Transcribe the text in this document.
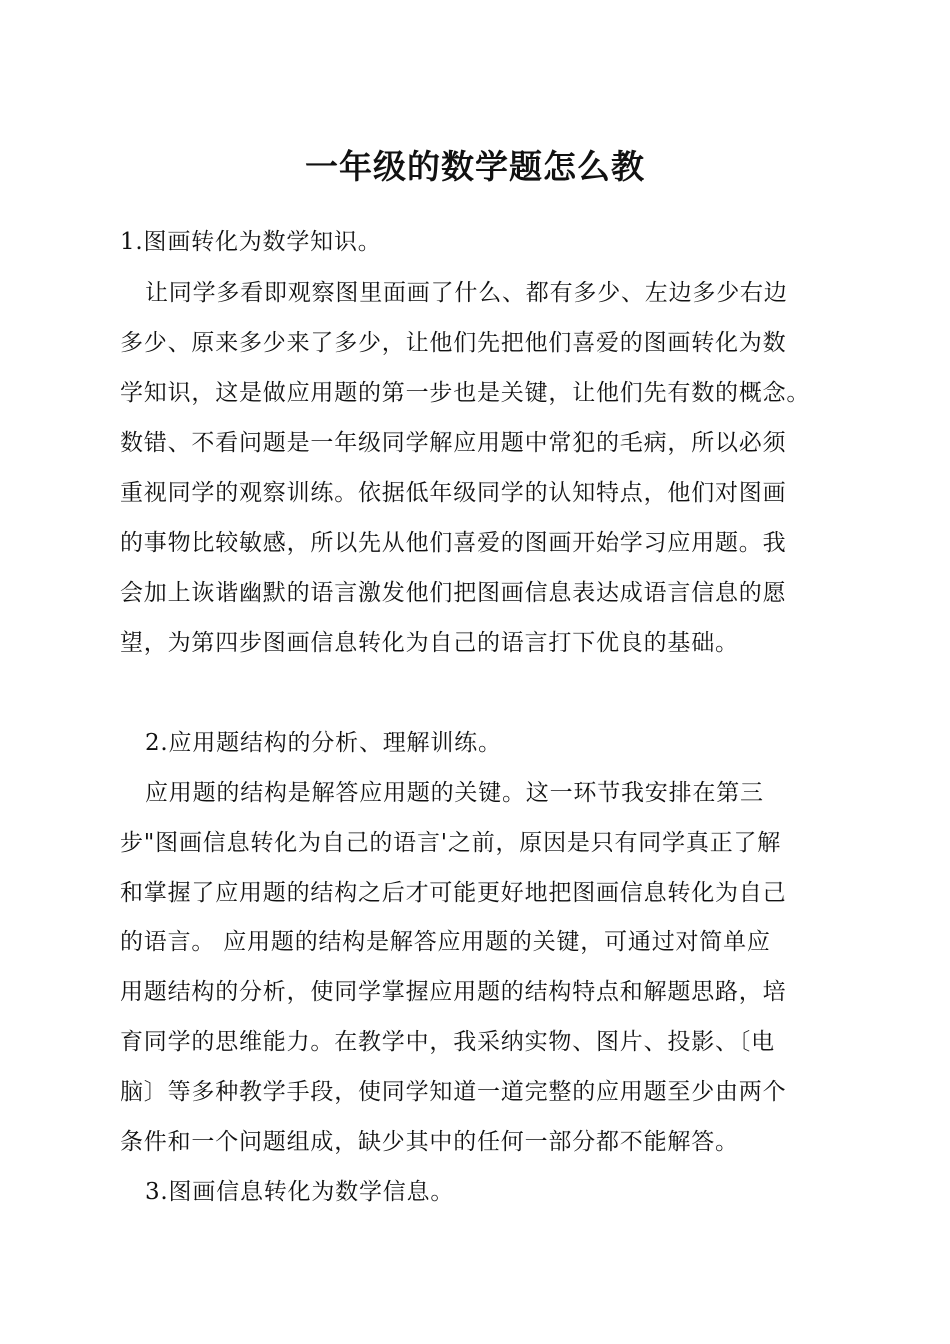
一年级的数学题怎么教
1.图画转化为数学知识。
让同学多看即观察图里面画了什么、都有多少、左边多少右边
多少、原来多少来了多少，让他们先把他们喜爱的图画转化为数
学知识，这是做应用题的第一步也是关键，让他们先有数的概念。
数错、不看问题是一年级同学解应用题中常犯的毛病，所以必须
重视同学的观察训练。依据低年级同学的认知特点，他们对图画
的事物比较敏感，所以先从他们喜爱的图画开始学习应用题。我
会加上诙谐幽默的语言激发他们把图画信息表达成语言信息的愿
望，为第四步图画信息转化为自己的语言打下优良的基础。
2.应用题结构的分析、理解训练。
应用题的结构是解答应用题的关键。这一环节我安排在第三
步"图画信息转化为自己的语言'之前，原因是只有同学真正了解
和掌握了应用题的结构之后才可能更好地把图画信息转化为自己
的语言。 应用题的结构是解答应用题的关键，可通过对简单应
用题结构的分析，使同学掌握应用题的结构特点和解题思路，培
育同学的思维能力。在教学中，我采纳实物、图片、投影、〔电
脑〕等多种教学手段，使同学知道一道完整的应用题至少由两个
条件和一个问题组成，缺少其中的任何一部分都不能解答。
3.图画信息转化为数学信息。
